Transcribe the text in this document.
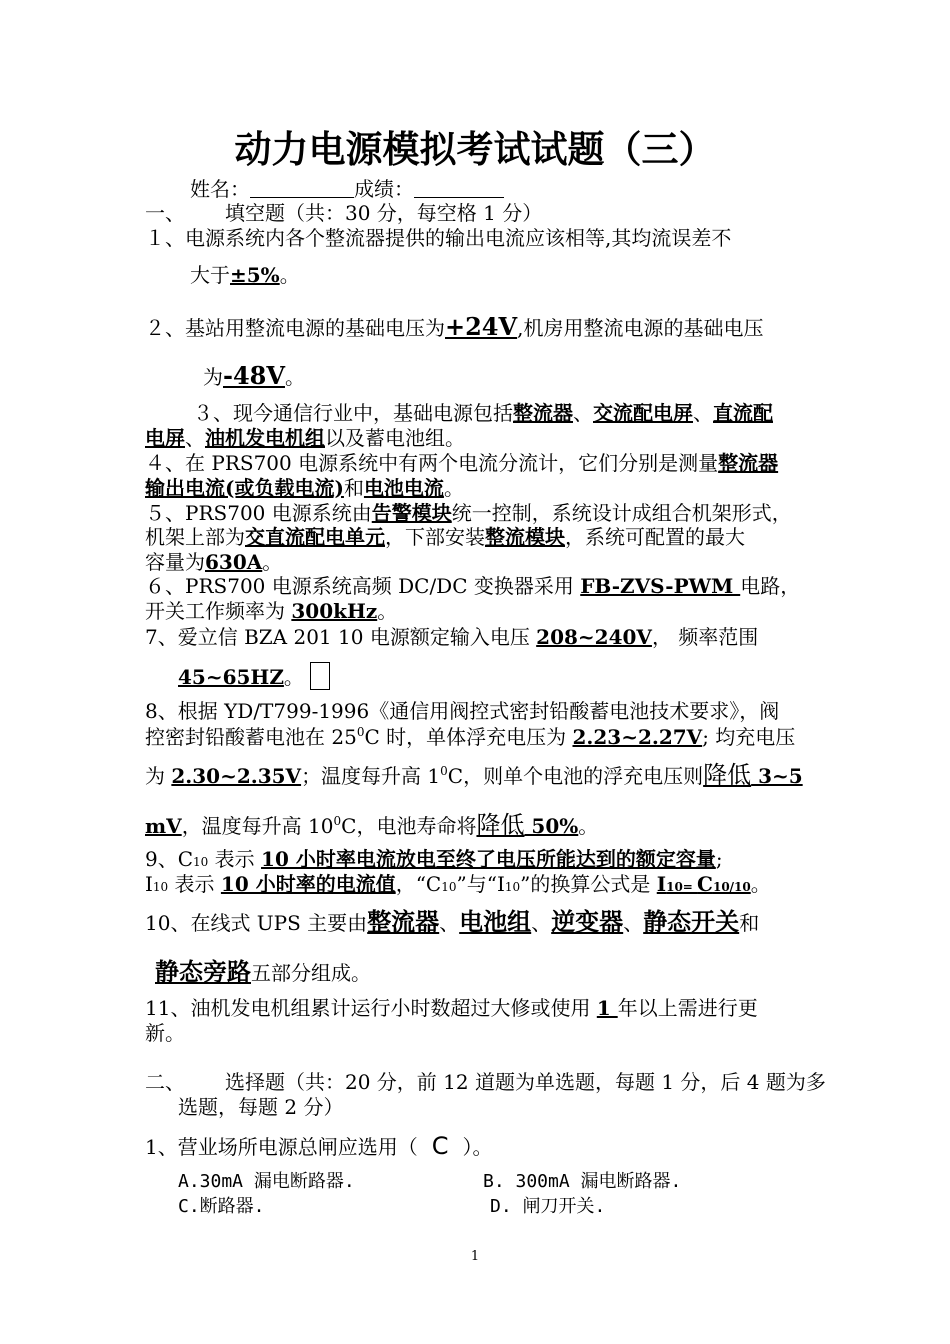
动力电源模拟考试试题（三）
姓名：	成绩：
一、 填空题（共：30 分，每空格 1 分）
１、电源系统内各个整流器提供的输出电流应该相等,其均流误差不
大于±5%。
２、基站用整流电源的基础电压为+24V,机房用整流电源的基础电压
为-48V。
３、现今通信行业中，基础电源包括整流器、交流配电屏、直流配
电屏、油机发电机组以及蓄电池组。
４、在 PRS700 电源系统中有两个电流分流计，它们分别是测量整流器
输出电流(或负载电流)和电池电流。
５、PRS700 电源系统由告警模块统一控制，系统设计成组合机架形式，
机架上部为交直流配电单元，下部安装整流模块，系统可配置的最大
容量为630A。
６、PRS700 电源系统高频 DC/DC 变换器采用 FB-ZVS-PWM 电路，
开关工作频率为 300kHz。
7、爱立信 BZA 201 10 电源额定输入电压 208~240V， 频率范围
45~65HZ。
8、根据 YD/T799-1996《通信用阀控式密封铅酸蓄电池技术要求》，阀
控密封铅酸蓄电池在 $25^0C$ 时，单体浮充电压为 2.23~2.27V; 均充电压
为 2.30~2.35V；温度每升高 $1^0C$，则单个电池的浮充电压则降低 3~5
mV，温度每升高 $10^0C$，电池寿命将降低 50%。
9、C10 表示 10 小时率电流放电至终了电压所能达到的额定容量;
I10 表示 10 小时率的电流值，“C10”与“I10”的换算公式是 I10= C10/10。
10、在线式 UPS 主要由整流器、电池组、逆变器、静态开关和
静态旁路五部分组成。
11、油机发电机组累计运行小时数超过大修或使用 1 年以上需进行更
新。
二、 选择题（共：20 分，前 12 道题为单选题，每题 1 分，后 4 题为多
选题，每题 2 分）
1、营业场所电源总闸应选用（ C ）。
A.30mA 漏电断路器.	B. 300mA 漏电断路器.
C.断路器.	D. 闸刀开关.
1
